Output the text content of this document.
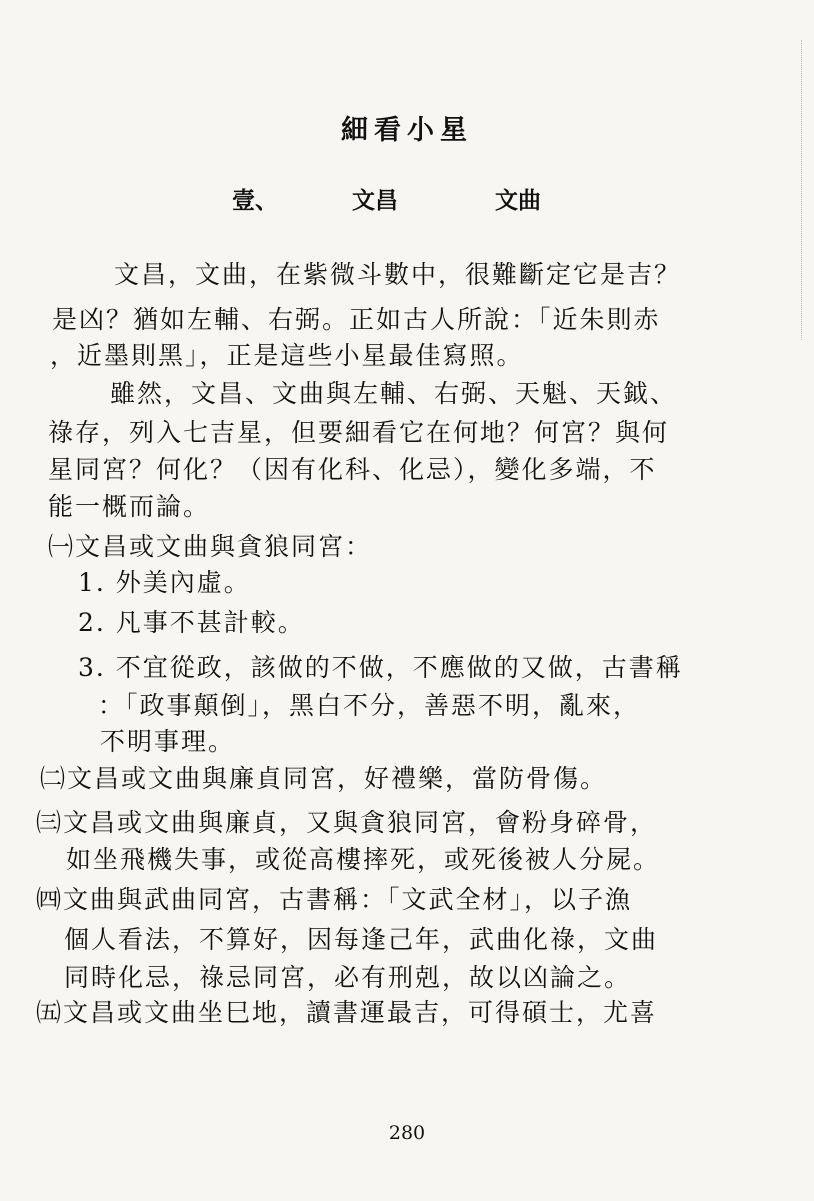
細看小星
壹、	文昌	文曲
文昌，文曲，在紫微斗數中，很難斷定它是吉？
是凶？猶如左輔、右弼。正如古人所說：「近朱則赤
，近墨則黑」，正是這些小星最佳寫照。
雖然，文昌、文曲與左輔、右弼、天魁、天鉞、
祿存，列入七吉星，但要細看它在何地？何宮？與何
星同宮？何化？（因有化科、化忌），變化多端，不
能一概而論。
㈠文昌或文曲與貪狼同宮：
1. 外美內虛。
2. 凡事不甚計較。
3. 不宜從政，該做的不做，不應做的又做，古書稱
：「政事顛倒」，黑白不分，善惡不明，亂來，
不明事理。
㈡文昌或文曲與廉貞同宮，好禮樂，當防骨傷。
㈢文昌或文曲與廉貞，又與貪狼同宮，會粉身碎骨，
如坐飛機失事，或從高樓摔死，或死後被人分屍。
㈣文曲與武曲同宮，古書稱：「文武全材」，以子漁
個人看法，不算好，因每逢己年，武曲化祿，文曲
同時化忌，祿忌同宮，必有刑剋，故以凶論之。
㈤文昌或文曲坐巳地，讀書運最吉，可得碩士，尤喜
280
